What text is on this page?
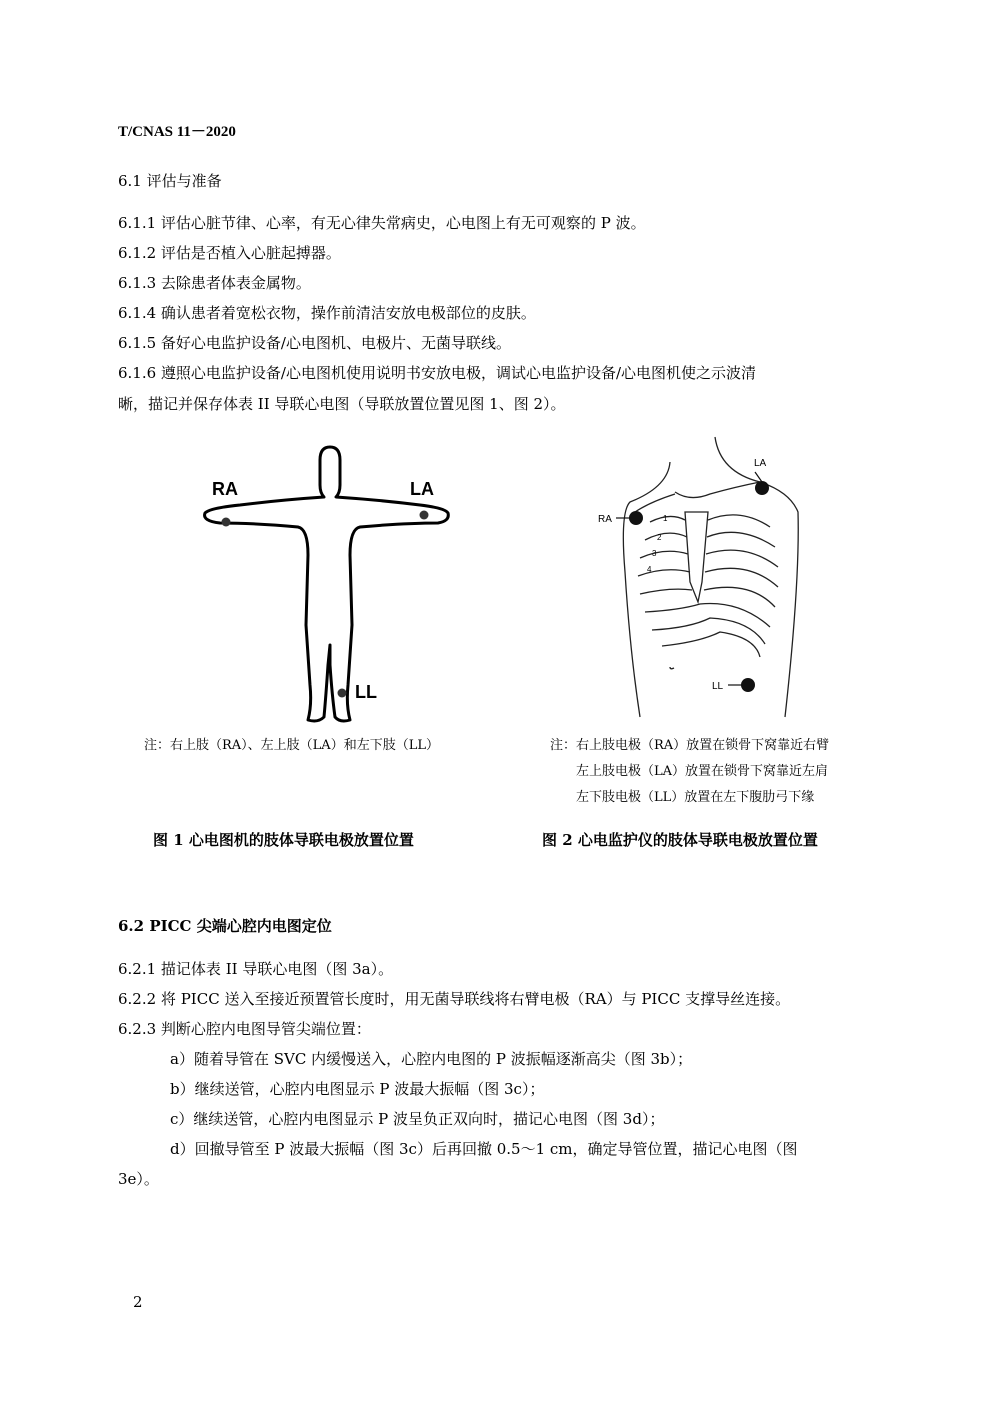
T/CNAS 11－2020
6.1 评估与准备
6.1.1 评估心脏节律、心率，有无心律失常病史，心电图上有无可观察的 P 波。
6.1.2 评估是否植入心脏起搏器。
6.1.3 去除患者体表金属物。
6.1.4 确认患者着宽松衣物，操作前清洁安放电极部位的皮肤。
6.1.5 备好心电监护设备/心电图机、电极片、无菌导联线。
6.1.6 遵照心电监护设备/心电图机使用说明书安放电极，调试心电监护设备/心电图机使之示波清
晰，描记并保存体表 II 导联心电图（导联放置位置见图 1、图 2）。
RA	LA
LL
RA
LA
LL
1
2
3
4
注：右上肢（RA）、左上肢（LA）和左下肢（LL）	注：右上肢电极（RA）放置在锁骨下窝靠近右臂
左上肢电极（LA）放置在锁骨下窝靠近左肩
左下肢电极（LL）放置在左下腹肋弓下缘
图 1 心电图机的肢体导联电极放置位置	图 2 心电监护仪的肢体导联电极放置位置
6.2 PICC 尖端心腔内电图定位
6.2.1 描记体表 II 导联心电图（图 3a）。
6.2.2 将 PICC 送入至接近预置管长度时，用无菌导联线将右臂电极（RA）与 PICC 支撑导丝连接。
6.2.3 判断心腔内电图导管尖端位置：
a）随着导管在 SVC 内缓慢送入，心腔内电图的 P 波振幅逐渐高尖（图 3b）；
b）继续送管，心腔内电图显示 P 波最大振幅（图 3c）；
c）继续送管，心腔内电图显示 P 波呈负正双向时，描记心电图（图 3d）；
d）回撤导管至 P 波最大振幅（图 3c）后再回撤 0.5～1 cm，确定导管位置，描记心电图（图
3e）。
2
